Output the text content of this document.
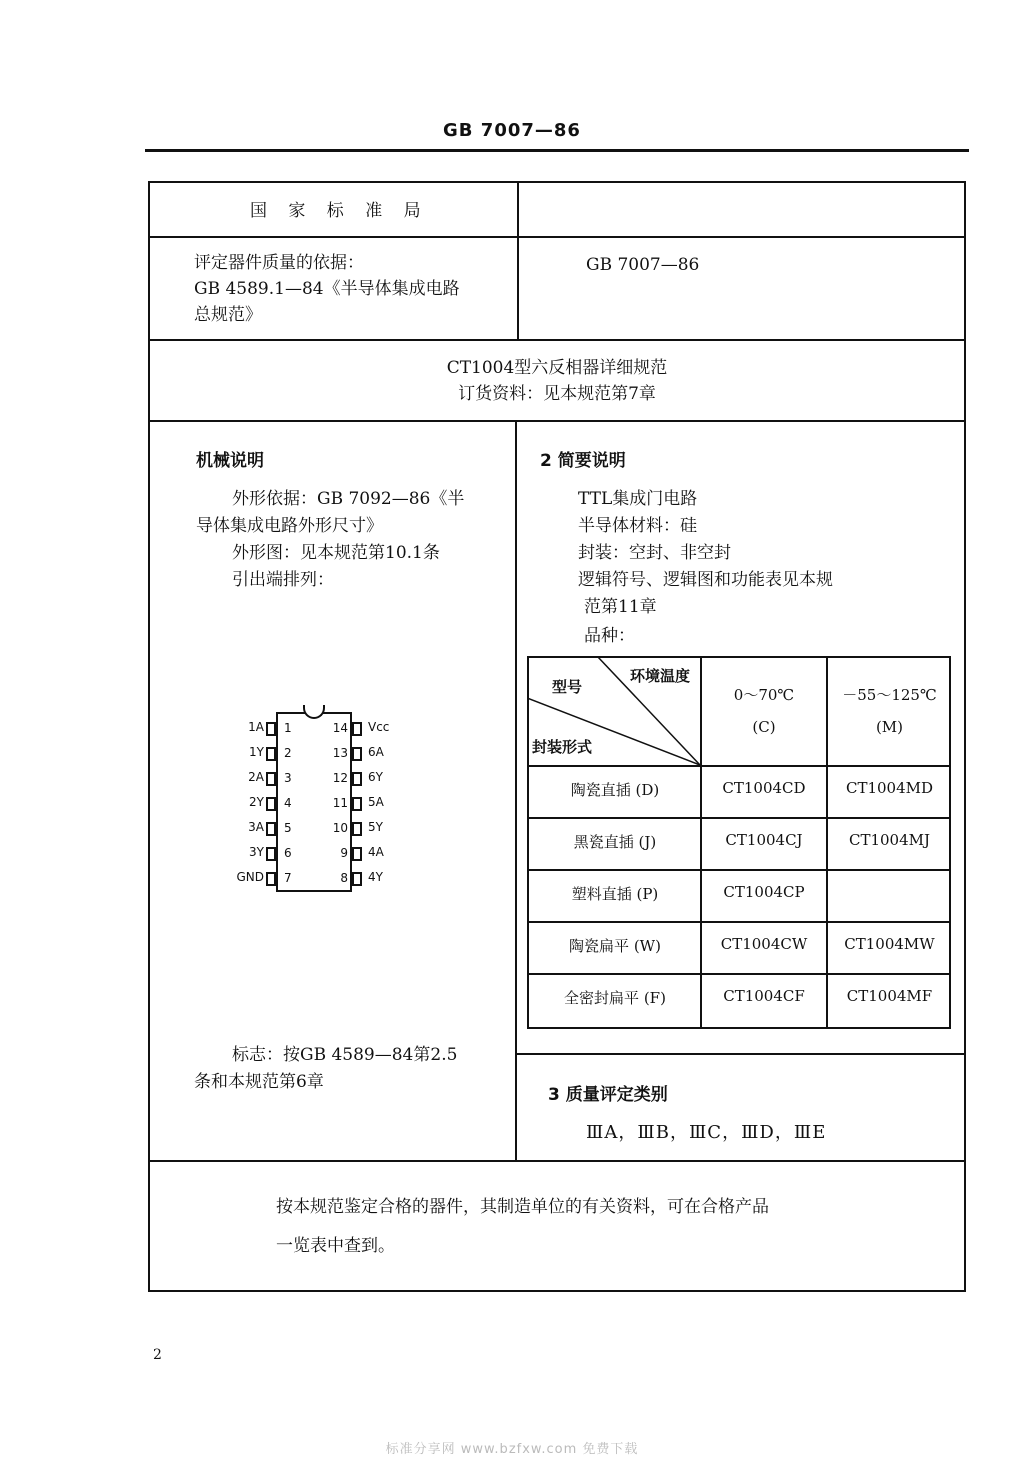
GB 7007—86
国 家 标 准 局
评定器件质量的依据：
GB 4589.1—84《半导体集成电路
总规范》
GB 7007—86
CT1004型六反相器详细规范
订货资料：见本规范第7章
机械说明
外形依据：GB 7092—86《半
导体集成电路外形尺寸》
外形图：见本规范第10.1条
引出端排列：
1A 1
1Y 2
2A 3
2Y 4
3A 5
3Y 6
GND 7
14 Vcc
13 6A
12 6Y
11 5A
10 5Y
9 4A
8 4Y
标志：按GB 4589—84第2.5
条和本规范第6章
2 简要说明
TTL集成门电路
半导体材料：硅
封装：空封、非空封
逻辑符号、逻辑图和功能表见本规
范第11章
品种：
型号
环境温度
封装形式
0～70℃
(C)
－55～125℃
(M)
陶瓷直插 (D)	CT1004CD	CT1004MD
黑瓷直插 (J)	CT1004CJ	CT1004MJ
塑料直插 (P)	CT1004CP
陶瓷扁平 (W)	CT1004CW	CT1004MW
全密封扁平 (F)	CT1004CF	CT1004MF
3 质量评定类别
ⅢA，ⅢB，ⅢC，ⅢD，ⅢE
按本规范鉴定合格的器件，其制造单位的有关资料，可在合格产品
一览表中查到。
2
标准分享网 www.bzfxw.com 免费下载
